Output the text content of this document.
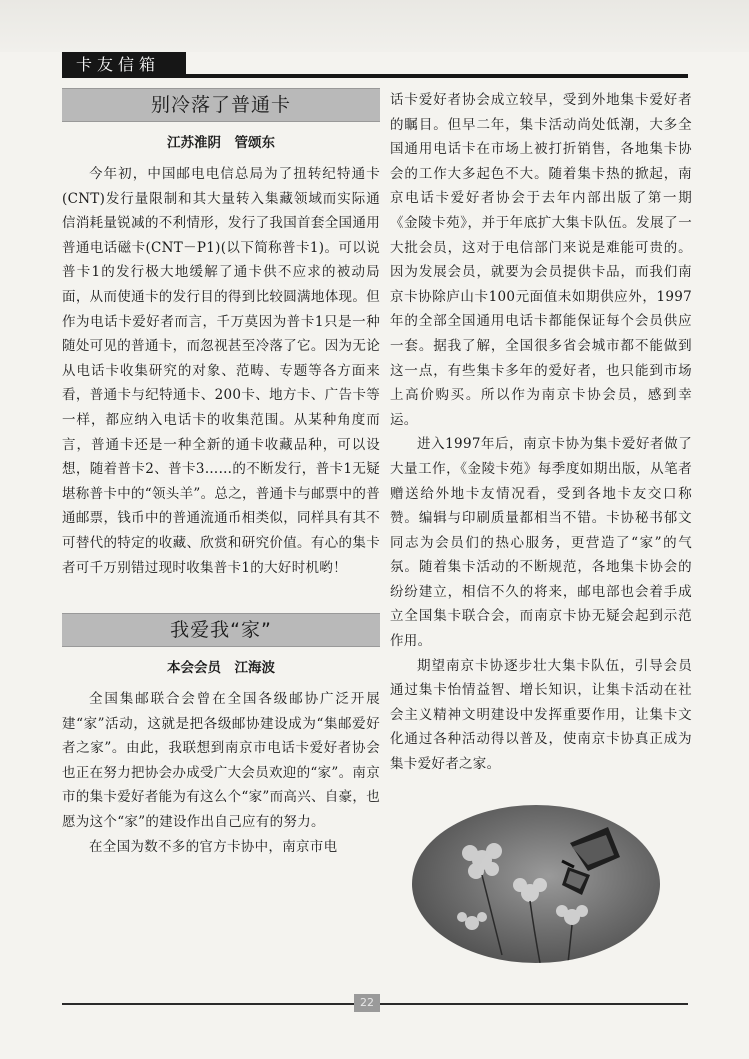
卡友信箱
别冷落了普通卡
江苏淮阴　管颂东

今年初，中国邮电电信总局为了扭转纪特通卡(CNT)发行量限制和其大量转入集藏领域而实际通信消耗量锐减的不利情形，发行了我国首套全国通用普通电话磁卡(CNT－P1)(以下简称普卡1)。可以说普卡1的发行极大地缓解了通卡供不应求的被动局面，从而使通卡的发行目的得到比较圆满地体现。但作为电话卡爱好者而言，千万莫因为普卡1只是一种随处可见的普通卡，而忽视甚至冷落了它。因为无论从电话卡收集研究的对象、范畴、专题等各方面来看，普通卡与纪特通卡、200卡、地方卡、广告卡等一样，都应纳入电话卡的收集范围。从某种角度而言，普通卡还是一种全新的通卡收藏品种，可以设想，随着普卡2、普卡3……的不断发行，普卡1无疑堪称普卡中的“领头羊”。总之，普通卡与邮票中的普通邮票，钱币中的普通流通币相类似，同样具有其不可替代的特定的收藏、欣赏和研究价值。有心的集卡者可千万别错过现时收集普卡1的大好时机哟！

我爱我“家”
本会会员　江海波

全国集邮联合会曾在全国各级邮协广泛开展建“家”活动，这就是把各级邮协建设成为“集邮爱好者之家”。由此，我联想到南京市电话卡爱好者协会也正在努力把协会办成受广大会员欢迎的“家”。南京市的集卡爱好者能为有这么个“家”而高兴、自豪，也愿为这个“家”的建设作出自己应有的努力。

在全国为数不多的官方卡协中，南京市电

话卡爱好者协会成立较早，受到外地集卡爱好者的瞩目。但早二年，集卡活动尚处低潮，大多全国通用电话卡在市场上被打折销售，各地集卡协会的工作大多起色不大。随着集卡热的掀起，南京电话卡爱好者协会于去年内部出版了第一期《金陵卡苑》，并于年底扩大集卡队伍。发展了一大批会员，这对于电信部门来说是难能可贵的。因为发展会员，就要为会员提供卡品，而我们南京卡协除庐山卡100元面值未如期供应外，1997年的全部全国通用电话卡都能保证每个会员供应一套。据我了解，全国很多省会城市都不能做到这一点，有些集卡多年的爱好者，也只能到市场上高价购买。所以作为南京卡协会员，感到幸运。

进入1997年后，南京卡协为集卡爱好者做了大量工作，《金陵卡苑》每季度如期出版，从笔者赠送给外地卡友情况看，受到各地卡友交口称赞。编辑与印刷质量都相当不错。卡协秘书郁文同志为会员们的热心服务，更营造了“家”的气氛。随着集卡活动的不断规范，各地集卡协会的纷纷建立，相信不久的将来，邮电部也会着手成立全国集卡联合会，而南京卡协无疑会起到示范作用。

期望南京卡协逐步壮大集卡队伍，引导会员通过集卡怡情益智、增长知识，让集卡活动在社会主义精神文明建设中发挥重要作用，让集卡文化通过各种活动得以普及，使南京卡协真正成为集卡爱好者之家。

22
